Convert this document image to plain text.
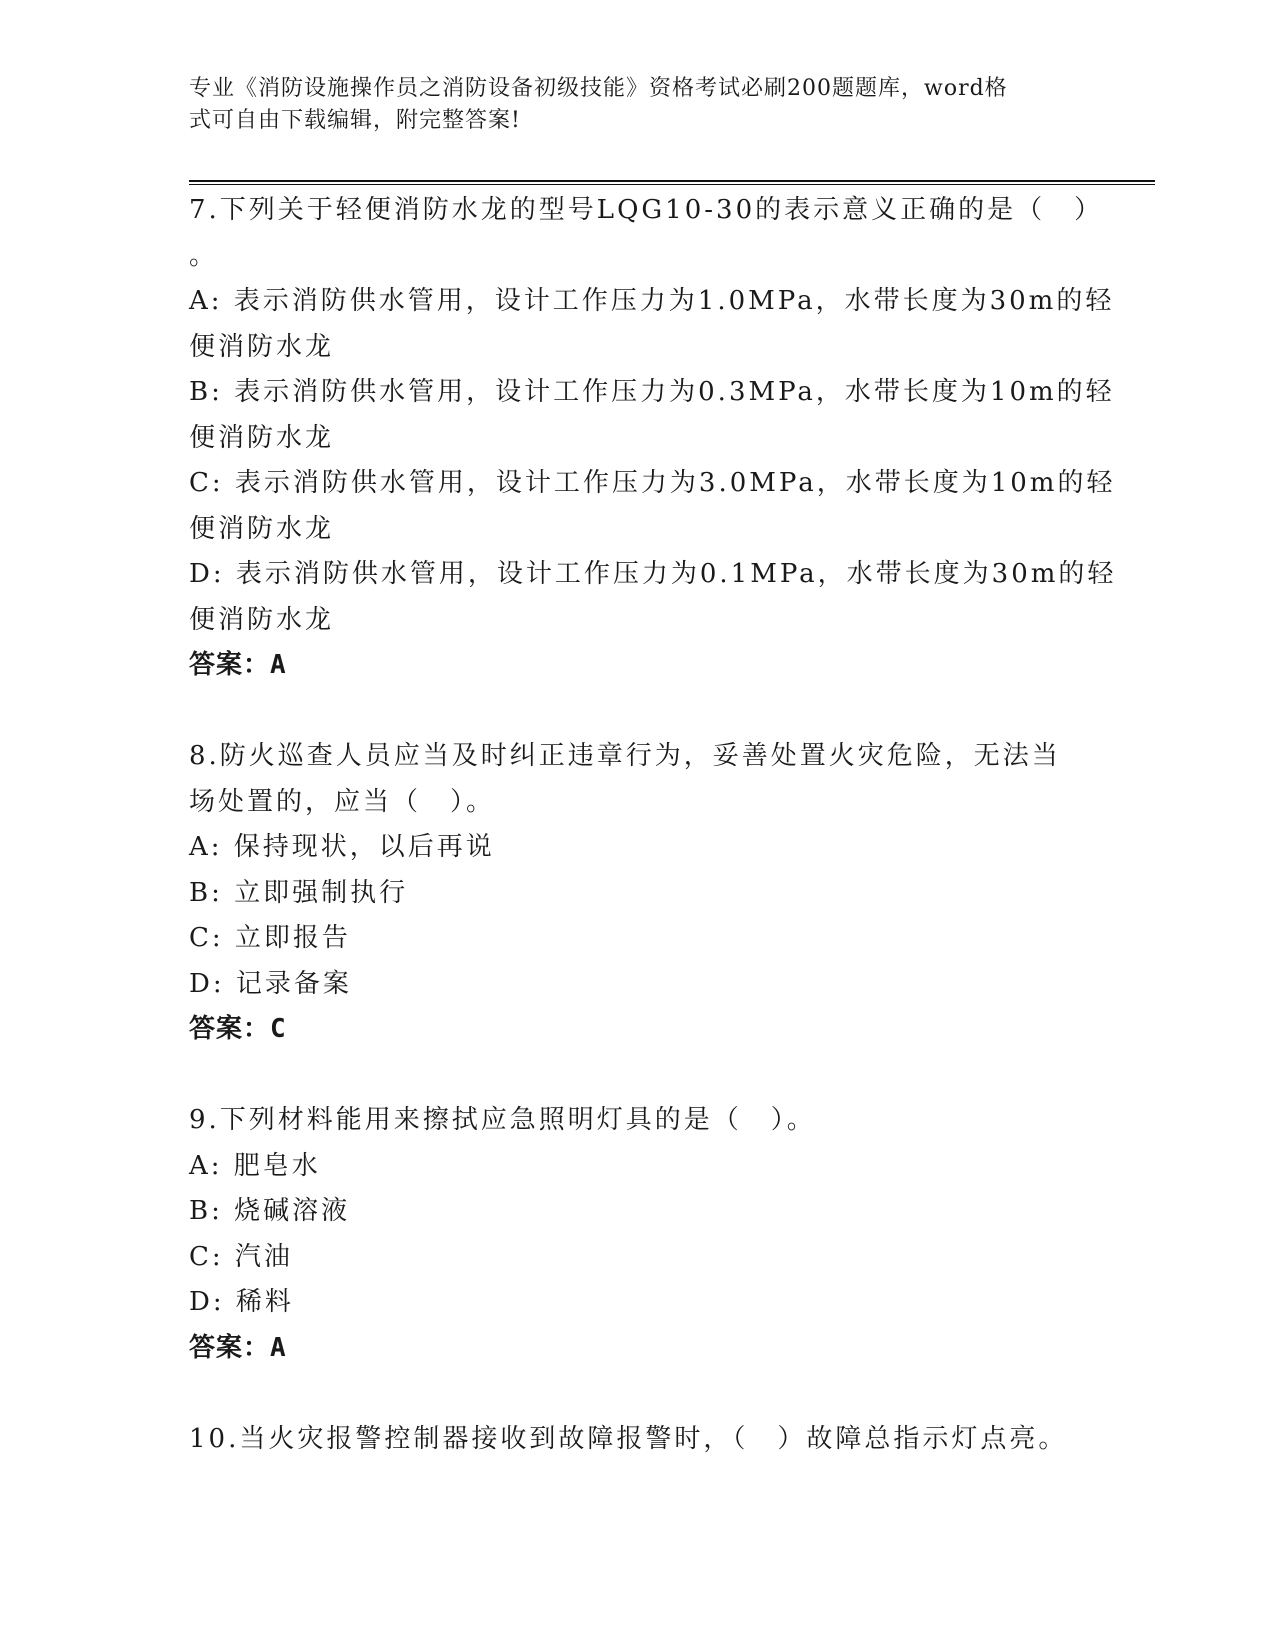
专业《消防设施操作员之消防设备初级技能》资格考试必刷200题题库，word格

式可自由下载编辑，附完整答案!

7.下列关于轻便消防水龙的型号LQG10-30的表示意义正确的是（　）

。

A: 表示消防供水管用，设计工作压力为1.0MPa，水带长度为30m的轻

便消防水龙

B: 表示消防供水管用，设计工作压力为0.3MPa，水带长度为10m的轻

便消防水龙

C: 表示消防供水管用，设计工作压力为3.0MPa，水带长度为10m的轻

便消防水龙

D: 表示消防供水管用，设计工作压力为0.1MPa，水带长度为30m的轻

便消防水龙

答案：A

8.防火巡查人员应当及时纠正违章行为，妥善处置火灾危险，无法当

场处置的，应当（　）。

A: 保持现状，以后再说

B: 立即强制执行

C: 立即报告

D: 记录备案

答案：C

9.下列材料能用来擦拭应急照明灯具的是（　）。

A: 肥皂水

B: 烧碱溶液

C: 汽油

D: 稀料

答案：A

10.当火灾报警控制器接收到故障报警时，（　）故障总指示灯点亮。
